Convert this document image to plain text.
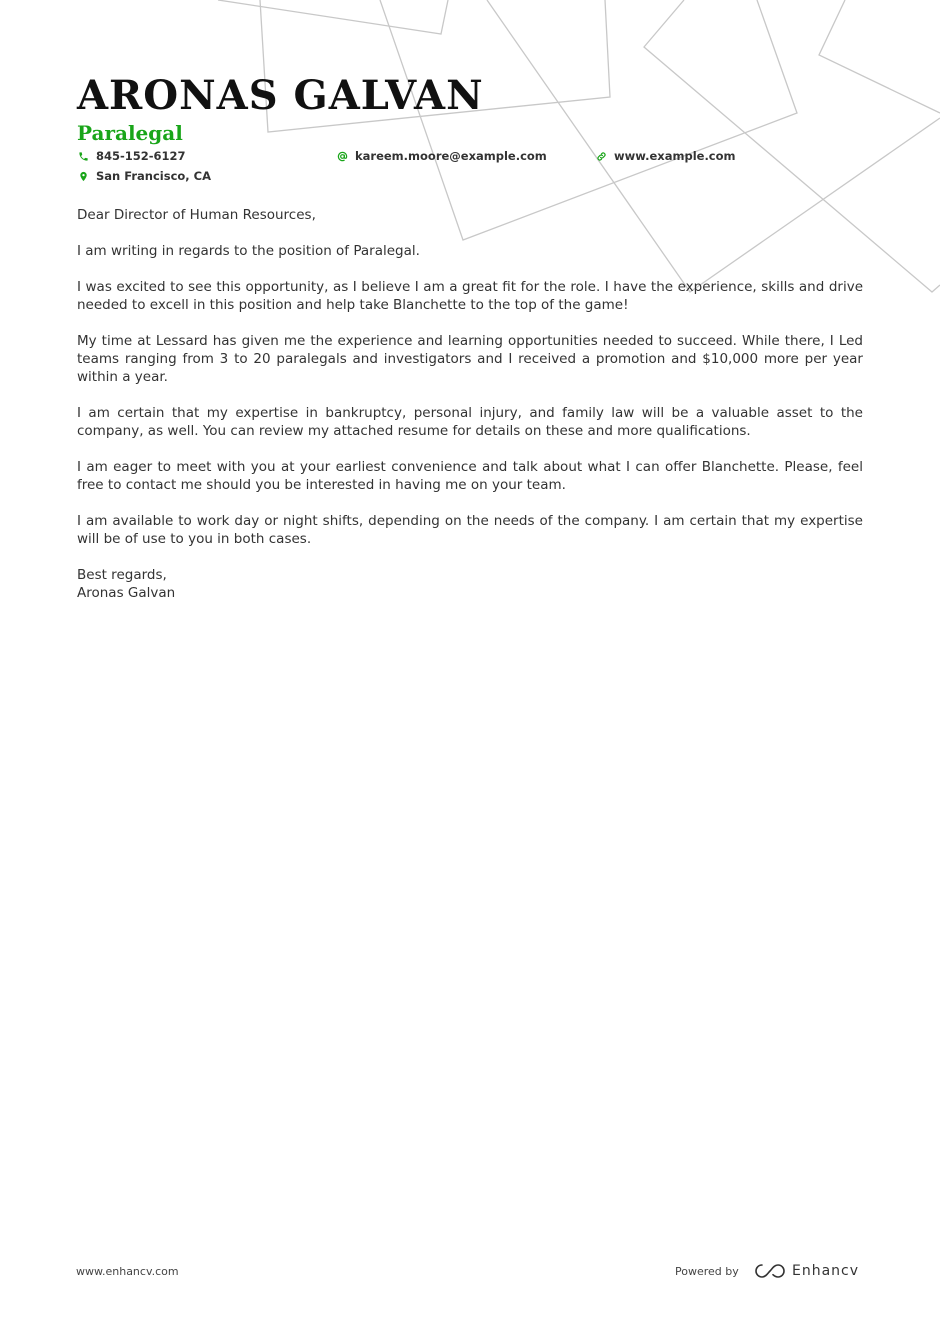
ARONAS GALVAN
Paralegal
845-152-6127	kareem.moore@example.com	www.example.com
San Francisco, CA

Dear Director of Human Resources,

I am writing in regards to the position of Paralegal.

I was excited to see this opportunity, as I believe I am a great fit for the role. I have the experience, skills and drive needed to excell in this position and help take Blanchette to the top of the game!

My time at Lessard has given me the experience and learning opportunities needed to succeed. While there, I Led teams ranging from 3 to 20 paralegals and investigators and I received a promotion and $10,000 more per year within a year.

I am certain that my expertise in bankruptcy, personal injury, and family law will be a valuable asset to the company, as well. You can review my attached resume for details on these and more qualifications.

I am eager to meet with you at your earliest convenience and talk about what I can offer Blanchette. Please, feel free to contact me should you be interested in having me on your team.

I am available to work day or night shifts, depending on the needs of the company. I am certain that my expertise will be of use to you in both cases.

Best regards,

Aronas Galvan

www.enhancv.com	Powered by	Enhancv
